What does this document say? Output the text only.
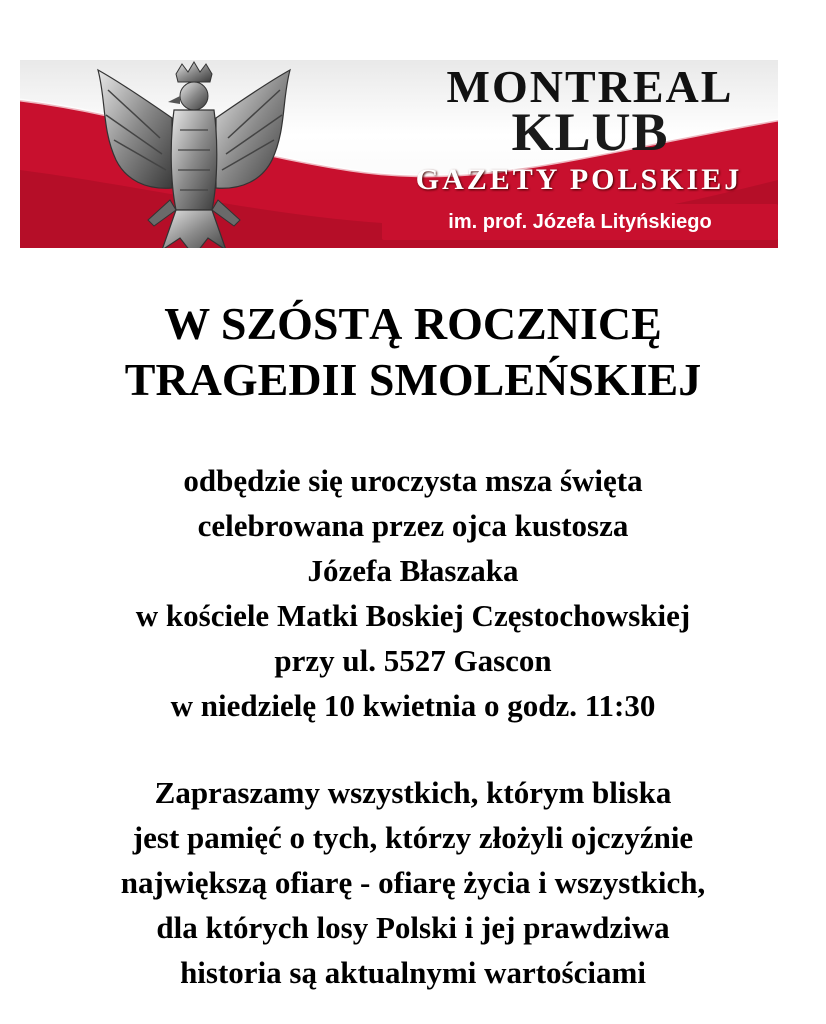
MONTREAL
KLUB
GAZETY POLSKIEJ
im. prof. Józefa Lityńskiego
W SZÓSTĄ ROCZNICĘ
TRAGEDII SMOLEŃSKIEJ

odbędzie się uroczysta msza święta
celebrowana przez ojca kustosza
Józefa Błaszaka
w kościele Matki Boskiej Częstochowskiej
przy ul. 5527 Gascon
w niedzielę 10 kwietnia o godz. 11:30

Zapraszamy wszystkich, którym bliska
jest pamięć o tych, którzy złożyli ojczyźnie
największą ofiarę - ofiarę życia i wszystkich,
dla których losy Polski i jej prawdziwa
historia są aktualnymi wartościami
